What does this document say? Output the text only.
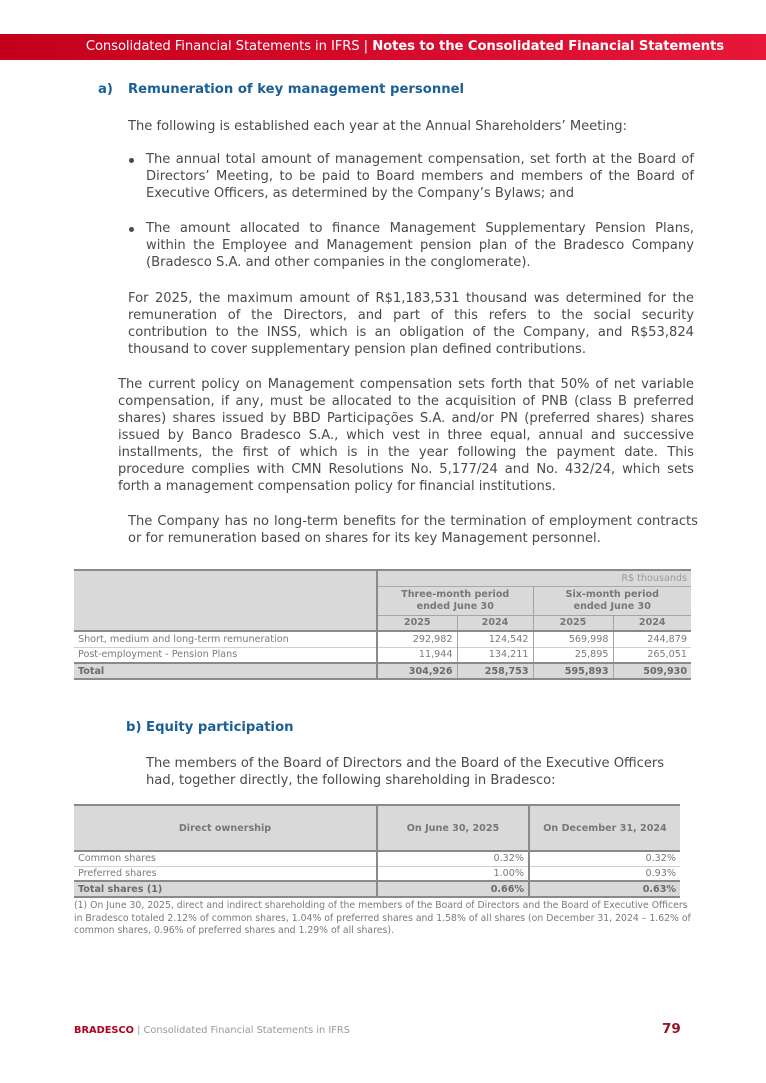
Consolidated Financial Statements in IFRS | Notes to the Consolidated Financial Statements
a) Remuneration of key management personnel
The following is established each year at the Annual Shareholders’ Meeting:
The annual total amount of management compensation, set forth at the Board of Directors’ Meeting, to be paid to Board members and members of the Board of Executive Officers, as determined by the Company’s Bylaws; and
The amount allocated to finance Management Supplementary Pension Plans, within the Employee and Management pension plan of the Bradesco Company (Bradesco S.A. and other companies in the conglomerate).
For 2025, the maximum amount of R$1,183,531 thousand was determined for the remuneration of the Directors, and part of this refers to the social security contribution to the INSS, which is an obligation of the Company, and R$53,824 thousand to cover supplementary pension plan defined contributions.
The current policy on Management compensation sets forth that 50% of net variable compensation, if any, must be allocated to the acquisition of PNB (class B preferred shares) shares issued by BBD Participações S.A. and/or PN (preferred shares) shares issued by Banco Bradesco S.A., which vest in three equal, annual and successive installments, the first of which is in the year following the payment date. This procedure complies with CMN Resolutions No. 5,177/24 and No. 432/24, which sets forth a management compensation policy for financial institutions.
The Company has no long-term benefits for the termination of employment contracts or for remuneration based on shares for its key Management personnel.
	R$ thousands			
	Three-month period ended June 30		Six-month period ended June 30	
	2025	2024	2025	2024
Short, medium and long-term remuneration	292,982	124,542	569,998	244,879
Post-employment - Pension Plans	11,944	134,211	25,895	265,051
Total	304,926	258,753	595,893	509,930
b) Equity participation
The members of the Board of Directors and the Board of the Executive Officers had, together directly, the following shareholding in Bradesco:
Direct ownership	On June 30, 2025	On December 31, 2024
Common shares	0.32%	0.32%
Preferred shares	1.00%	0.93%
Total shares (1)	0.66%	0.63%
(1) On June 30, 2025, direct and indirect shareholding of the members of the Board of Directors and the Board of Executive Officers in Bradesco totaled 2.12% of common shares, 1.04% of preferred shares and 1.58% of all shares (on December 31, 2024 – 1.62% of common shares, 0.96% of preferred shares and 1.29% of all shares).
BRADESCO | Consolidated Financial Statements in IFRS	79
